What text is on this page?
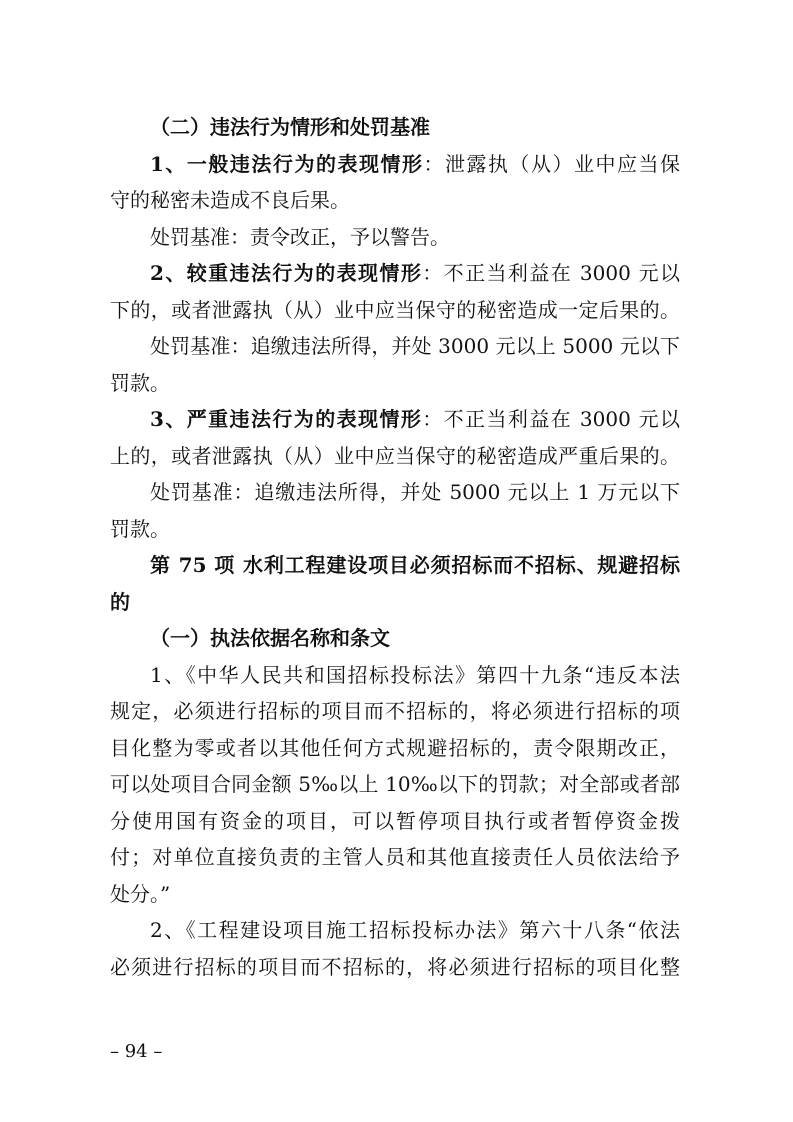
（二）违法行为情形和处罚基准

1、一般违法行为的表现情形：泄露执（从）业中应当保

守的秘密未造成不良后果。

处罚基准：责令改正，予以警告。

2、较重违法行为的表现情形：不正当利益在 3000 元以

下的，或者泄露执（从）业中应当保守的秘密造成一定后果的。

处罚基准：追缴违法所得，并处 3000 元以上 5000 元以下

罚款。

3、严重违法行为的表现情形：不正当利益在 3000 元以

上的，或者泄露执（从）业中应当保守的秘密造成严重后果的。

处罚基准：追缴违法所得，并处 5000 元以上 1 万元以下

罚款。

第 75 项 水利工程建设项目必须招标而不招标、规避招标

的

（一）执法依据名称和条文

1、《中华人民共和国招标投标法》第四十九条“违反本法

规定，必须进行招标的项目而不招标的，将必须进行招标的项

目化整为零或者以其他任何方式规避招标的，责令限期改正，

可以处项目合同金额 5‰以上 10‰以下的罚款；对全部或者部

分使用国有资金的项目，可以暂停项目执行或者暂停资金拨

付；对单位直接负责的主管人员和其他直接责任人员依法给予

处分。”

2、《工程建设项目施工招标投标办法》第六十八条“依法

必须进行招标的项目而不招标的，将必须进行招标的项目化整

– 94 –
